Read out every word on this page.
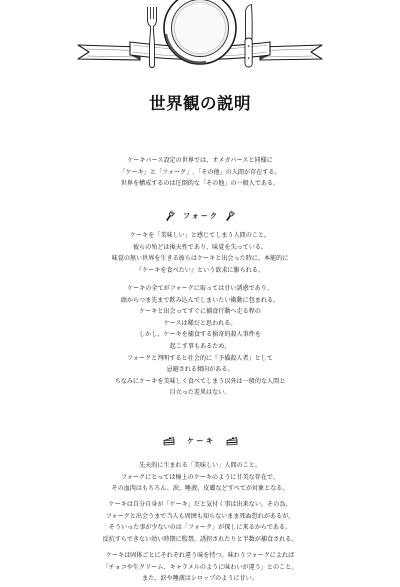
世界観の説明
ケーキバース設定の世界では、オメガバースと同様に
「ケーキ」と「フォーク」､「その他」の人間が存在する。
世界を構成するのは圧倒的な「その他」の一般人である。
フォーク
ケーキを「美味しい」と感じてしまう人間のこと。
彼らの殆どは後天性であり、味覚を失っている。
味覚の無い世界を生きる彼らはケーキと出会った時に、本能的に
『ケーキを食べたい』という欲求に駆られる。
ケーキの全てがフォークに取っては甘い誘惑であり、
頭からつま先まで飲み込んでしまいたい衝動に包まれる。
ケーキと出会ってすぐに捕食行動へ走る程の
ケースは稀だと思われる。
しかし、ケーキを捕食する猟奇的殺人事件を
起こす事もあるため、
フォークと判明すると社会的に『予備殺人者』として
忌避される傾向がある。
ちなみにケーキを美味しく食べてしまう以外は一般的な人間と
目立った差異はない。
ケーキ
先天的に生まれる「美味しい」人間のこと。
フォークにとっては極上のケーキのように甘美な存在で、
その血肉はもちろん、涙、唾液、皮膚などすべてが対象となる。
ケーキは自分自身が「ケーキ」だと気付く事は出来ない。その為、
フォークと出会うまで当人も周囲も知らないまま死ぬ恐れがあるが、
そういった事が少ないのは「フォーク」が探しに来るからである。
反抗すらできない幼い時期に監禁、誘拐されたりと半数が捕食される。
ケーキは固体ごとにそれぞれ違う味を持つ。味わうフォークによれば
「チョコや生クリーム、キャラメルのように味わいが違う」とのこと。
また、涙や唾液はシロップのように甘い。
